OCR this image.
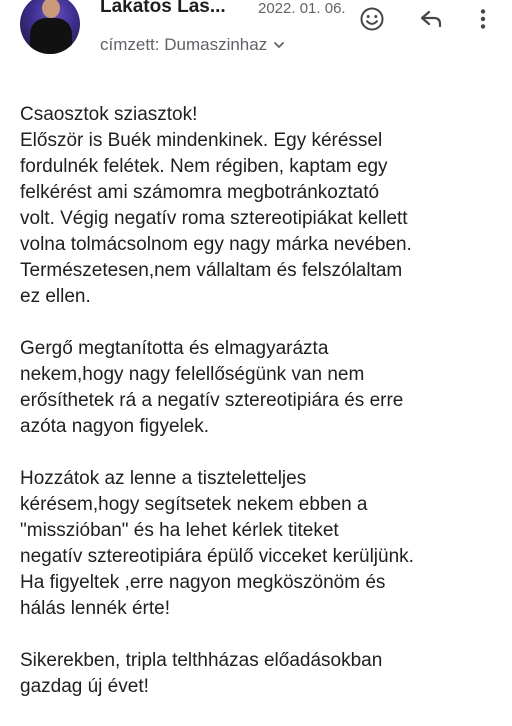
Lakatos Las... 2022. 01. 06.
címzett: Dumaszinhaz
Csaosztok sziasztok!
Először is Buék mindenkinek. Egy kéréssel
fordulnék felétek. Nem régiben, kaptam egy
felkérést ami számomra megbotránkoztató
volt. Végig negatív roma sztereotipiákat kellett
volna tolmácsolnom egy nagy márka nevében.
Természetesen,nem vállaltam és felszólaltam
ez ellen.
Gergő megtanította és elmagyarázta
nekem,hogy nagy felellőségünk van nem
erősíthetek rá a negatív sztereotipiára és erre
azóta nagyon figyelek.
Hozzátok az lenne a tiszteletteljes
kérésem,hogy segítsetek nekem ebben a
"misszióban" és ha lehet kérlek titeket
negatív sztereotipiára épülő vicceket kerüljünk.
Ha figyeltek ,erre nagyon megköszönöm és
hálás lennék érte!
Sikerekben, tripla telthházas előadásokban
gazdag új évet!
